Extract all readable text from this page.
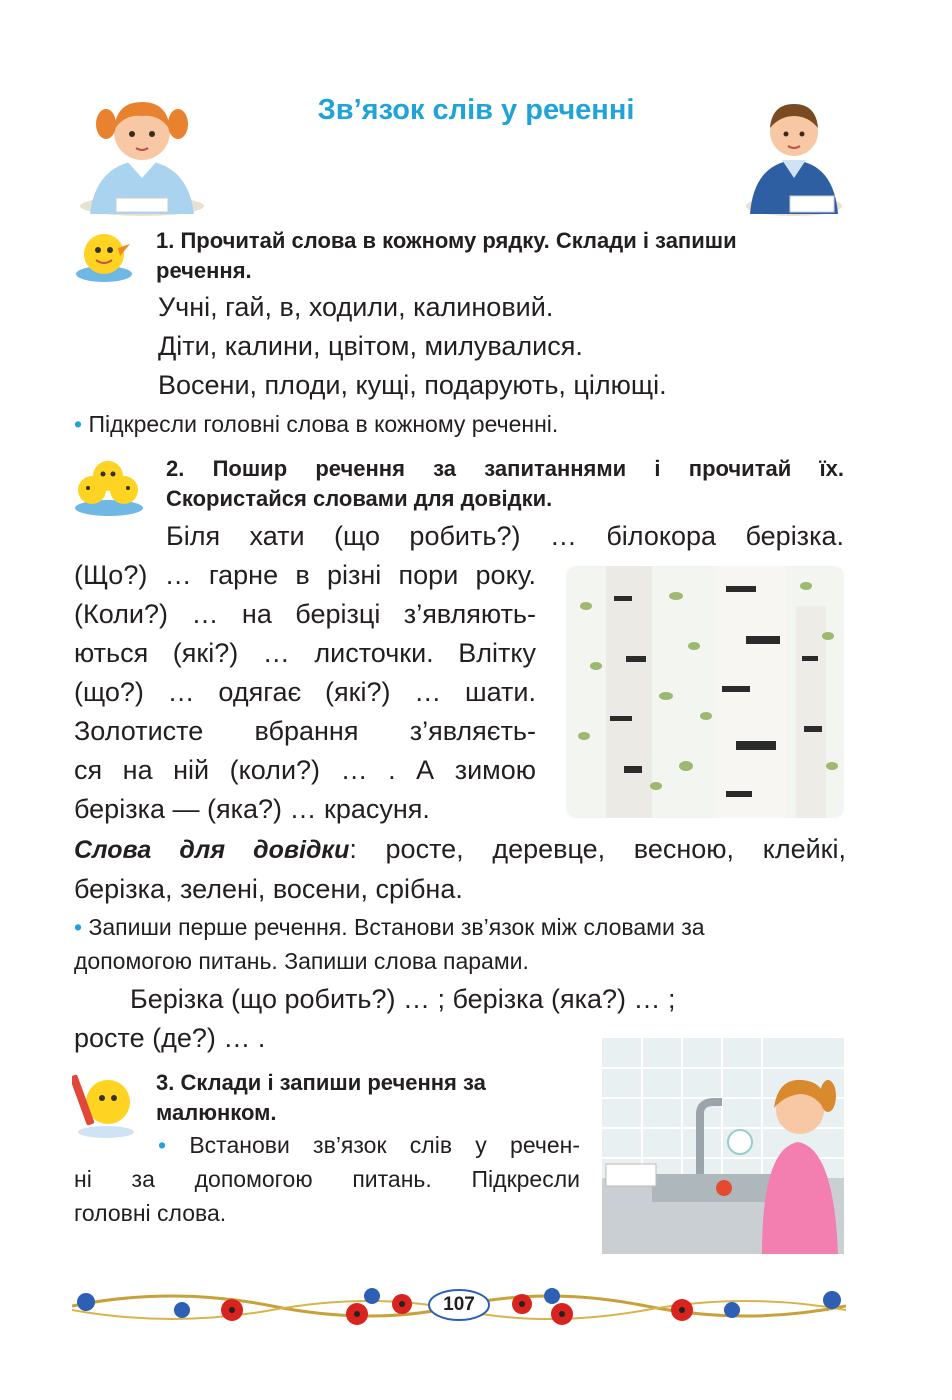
Зв’язок слів у реченні
1. Прочитай слова в кожному рядку. Склади і запиши
речення.
Учні, гай, в, ходили, калиновий.
Діти, калини, цвітом, милувалися.
Восени, плоди, кущі, подарують, цілющі.
• Підкресли головні слова в кожному реченні.
2. Пошир речення за запитаннями і прочитай їх.
Скористайся словами для довідки.
Біля хати (що робить?) … білокора берізка.
(Що?) … гарне в різні пори року.
(Коли?) … на берізці з’являють-
ються (які?) … листочки. Влітку
(що?) … одягає (які?) … шати.
Золотисте вбрання з’являєть-
ся на ній (коли?) … . А зимою
берізка — (яка?) … красуня.
Слова для довідки: росте, деревце, весною, клейкі,
берізка, зелені, восени, срібна.
• Запиши перше речення. Встанови зв’язок між словами за
допомогою питань. Запиши слова парами.
Берізка (що робить?) … ; берізка (яка?) … ;
росте (де?) … .
3. Склади і запиши речення за
малюнком.
• Встанови зв’язок слів у речен-
ні за допомогою питань. Підкресли
головні слова.
107
